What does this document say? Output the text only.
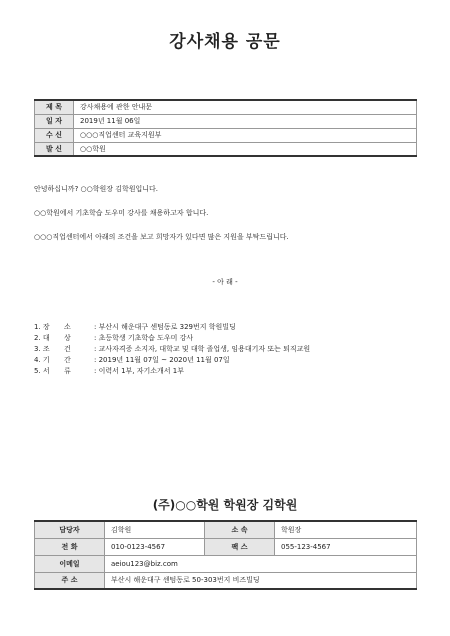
강사채용 공문
제 목	강사채용에 관한 안내문
일 자	2019년 11월 06일
수 신	○○○직업센터 교육지원부
발 신	○○학원
안녕하십니까? ○○학원장 김학원입니다.
○○학원에서 기초학습 도우미 강사를 채용하고자 합니다.
○○○직업센터에서 아래의 조건을 보고 희망자가 있다면 많은 지원을 부탁드립니다.
- 아 래 -
1. 장 소	: 부산시 해운대구 센텀동로 329번지 학원빌딩
2. 대 상	: 초등학생 기초학습 도우미 강사
3. 조 건	: 교사자격증 소지자, 대학교 및 대학 졸업생, 임용대기자 또는 퇴직교원
4. 기 간	: 2019년 11월 07일 ~ 2020년 11월 07일
5. 서 류	: 이력서 1부, 자기소개서 1부
(주)○○학원 학원장 김학원
담당자	김학원	소 속	학원장
전 화	010-0123-4567	팩 스	055-123-4567
이메일	aeiou123@biz.com		
주 소	부산시 해운대구 센텀동로 50-303번지 비즈빌딩		
